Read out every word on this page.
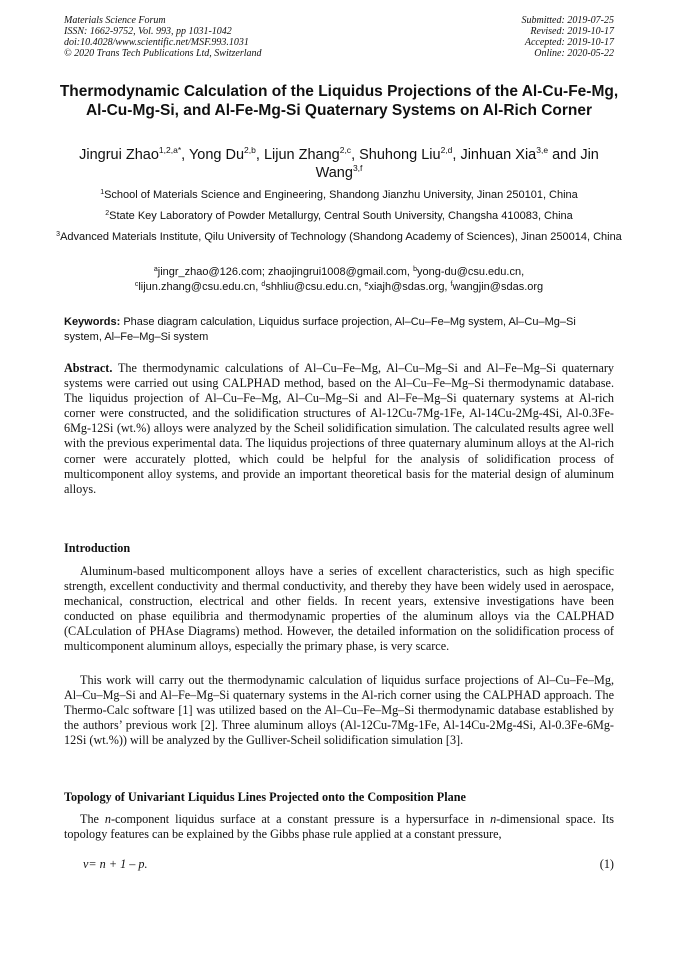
Materials Science Forum
ISSN: 1662-9752, Vol. 993, pp 1031-1042
doi:10.4028/www.scientific.net/MSF.993.1031
© 2020 Trans Tech Publications Ltd, Switzerland
Submitted: 2019-07-25
Revised: 2019-10-17
Accepted: 2019-10-17
Online: 2020-05-22
Thermodynamic Calculation of the Liquidus Projections of the Al-Cu-Fe-Mg, Al-Cu-Mg-Si, and Al-Fe-Mg-Si Quaternary Systems on Al-Rich Corner
Jingrui Zhao$^{1,2,a*}$, Yong Du$^{2,b}$, Lijun Zhang$^{2,c}$, Shuhong Liu$^{2,d}$, Jinhuan Xia$^{3,e}$ and Jin Wang$^{3,f}$
$^1$School of Materials Science and Engineering, Shandong Jianzhu University, Jinan 250101, China
$^2$State Key Laboratory of Powder Metallurgy, Central South University, Changsha 410083, China
$^3$Advanced Materials Institute, Qilu University of Technology (Shandong Academy of Sciences), Jinan 250014, China
$^a$jingr_zhao@126.com; zhaojingrui1008@gmail.com, $^b$yong-du@csu.edu.cn,
$^c$lijun.zhang@csu.edu.cn, $^d$shhliu@csu.edu.cn, $^e$xiajh@sdas.org, $^f$wangjin@sdas.org
Keywords: Phase diagram calculation, Liquidus surface projection, Al–Cu–Fe–Mg system, Al–Cu–Mg–Si system, Al–Fe–Mg–Si system
Abstract. The thermodynamic calculations of Al–Cu–Fe–Mg, Al–Cu–Mg–Si and Al–Fe–Mg–Si quaternary systems were carried out using CALPHAD method, based on the Al–Cu–Fe–Mg–Si thermodynamic database. The liquidus projection of Al–Cu–Fe–Mg, Al–Cu–Mg–Si and Al–Fe–Mg–Si quaternary systems at Al-rich corner were constructed, and the solidification structures of Al-12Cu-7Mg-1Fe, Al-14Cu-2Mg-4Si, Al-0.3Fe-6Mg-12Si (wt.%) alloys were analyzed by the Scheil solidification simulation. The calculated results agree well with the previous experimental data. The liquidus projections of three quaternary aluminum alloys at the Al-rich corner were accurately plotted, which could be helpful for the analysis of solidification process of multicomponent alloy systems, and provide an important theoretical basis for the material design of aluminum alloys.
Introduction
Aluminum-based multicomponent alloys have a series of excellent characteristics, such as high specific strength, excellent conductivity and thermal conductivity, and thereby they have been widely used in aerospace, mechanical, construction, electrical and other fields. In recent years, extensive investigations have been conducted on phase equilibria and thermodynamic properties of the aluminum alloys via the CALPHAD (CALculation of PHAse Diagrams) method. However, the detailed information on the solidification process of multicomponent aluminum alloys, especially the primary phase, is very scarce.
This work will carry out the thermodynamic calculation of liquidus surface projections of Al–Cu–Fe–Mg, Al–Cu–Mg–Si and Al–Fe–Mg–Si quaternary systems in the Al-rich corner using the CALPHAD approach. The Thermo-Calc software [1] was utilized based on the Al–Cu–Fe–Mg–Si thermodynamic database established by the authors’ previous work [2]. Three aluminum alloys (Al-12Cu-7Mg-1Fe, Al-14Cu-2Mg-4Si, Al-0.3Fe-6Mg-12Si (wt.%)) will be analyzed by the Gulliver-Scheil solidification simulation [3].
Topology of Univariant Liquidus Lines Projected onto the Composition Plane
The n-component liquidus surface at a constant pressure is a hypersurface in n-dimensional space. Its topology features can be explained by the Gibbs phase rule applied at a constant pressure,
v= n + 1 – p.	(1)
